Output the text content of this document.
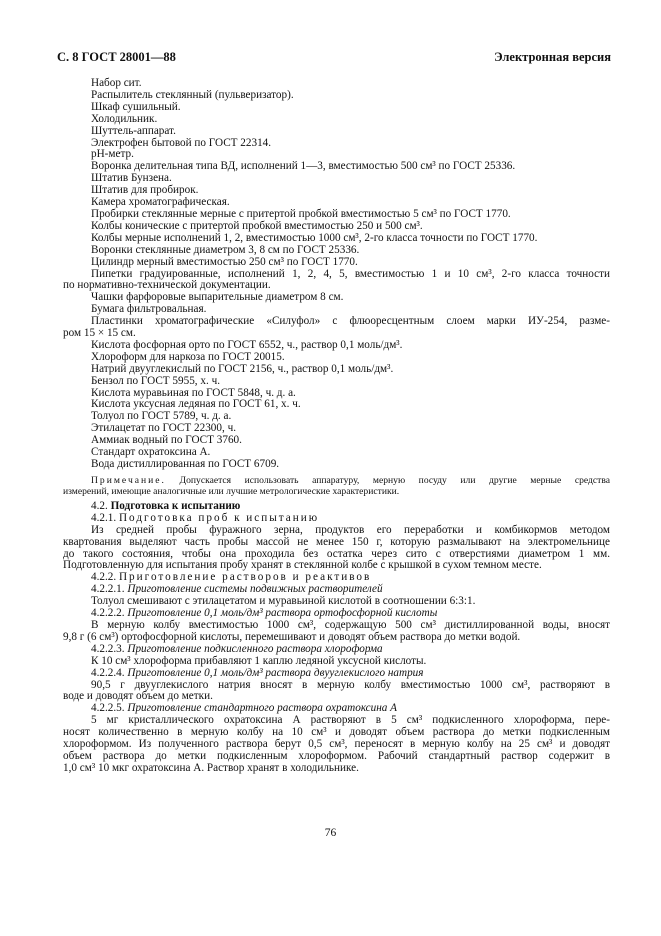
С. 8 ГОСТ 28001—88	Электронная версия

Набор сит.

Распылитель стеклянный (пульверизатор).

Шкаф сушильный.

Холодильник.

Шуттель-аппарат.

Электрофен бытовой по ГОСТ 22314.

pH-метр.

Воронка делительная типа ВД, исполнений 1—3, вместимостью 500 см³ по ГОСТ 25336.

Штатив Бунзена.

Штатив для пробирок.

Камера хроматографическая.

Пробирки стеклянные мерные с притертой пробкой вместимостью 5 см³ по ГОСТ 1770.

Колбы конические с притертой пробкой вместимостью 250 и 500 см³.

Колбы мерные исполнений 1, 2, вместимостью 1000 см³, 2-го класса точности по ГОСТ 1770.

Воронки стеклянные диаметром 3, 8 см по ГОСТ 25336.

Цилиндр мерный вместимостью 250 см³ по ГОСТ 1770.

Пипетки градуированные, исполнений 1, 2, 4, 5, вместимостью 1 и 10 см³, 2-го класса точности

по нормативно-технической документации.

Чашки фарфоровые выпарительные диаметром 8 см.

Бумага фильтровальная.

Пластинки хроматографические «Силуфол» с флюоресцентным слоем марки ИУ-254, разме-

ром 15 × 15 см.

Кислота фосфорная орто по ГОСТ 6552, ч., раствор 0,1 моль/дм³.

Хлороформ для наркоза по ГОСТ 20015.

Натрий двууглекислый по ГОСТ 2156, ч., раствор 0,1 моль/дм³.

Бензол по ГОСТ 5955, х. ч.

Кислота муравьиная по ГОСТ 5848, ч. д. а.

Кислота уксусная ледяная по ГОСТ 61, х. ч.

Толуол по ГОСТ 5789, ч. д. а.

Этилацетат по ГОСТ 22300, ч.

Аммиак водный по ГОСТ 3760.

Стандарт охратоксина А.

Вода дистиллированная по ГОСТ 6709.

Примечание. Допускается использовать аппаратуру, мерную посуду или другие мерные средства

измерений, имеющие аналогичные или лучшие метрологические характеристики.

4.2. Подготовка к испытанию

4.2.1. Подготовка проб к испытанию

Из средней пробы фуражного зерна, продуктов его переработки и комбикормов методом

квартования выделяют часть пробы массой не менее 150 г, которую размалывают на электромельнице

до такого состояния, чтобы она проходила без остатка через сито с отверстиями диаметром 1 мм.

Подготовленную для испытания пробу хранят в стеклянной колбе с крышкой в сухом темном месте.

4.2.2. Приготовление растворов и реактивов

4.2.2.1. Приготовление системы подвижных растворителей

Толуол смешивают с этилацетатом и муравьиной кислотой в соотношении 6:3:1.

4.2.2.2. Приготовление 0,1 моль/дм³ раствора ортофосфорной кислоты

В мерную колбу вместимостью 1000 см³, содержащую 500 см³ дистиллированной воды, вносят

9,8 г (6 см³) ортофосфорной кислоты, перемешивают и доводят объем раствора до метки водой.

4.2.2.3. Приготовление подкисленного раствора хлороформа

К 10 см³ хлороформа прибавляют 1 каплю ледяной уксусной кислоты.

4.2.2.4. Приготовление 0,1 моль/дм³ раствора двууглекислого натрия

90,5 г двууглекислого натрия вносят в мерную колбу вместимостью 1000 см³, растворяют в

воде и доводят объем до метки.

4.2.2.5. Приготовление стандартного раствора охратоксина А

5 мг кристаллического охратоксина А растворяют в 5 см³ подкисленного хлороформа, пере-

носят количественно в мерную колбу на 10 см³ и доводят объем раствора до метки подкисленным

хлороформом. Из полученного раствора берут 0,5 см³, переносят в мерную колбу на 25 см³ и доводят

объем раствора до метки подкисленным хлороформом. Рабочий стандартный раствор содержит в

1,0 см³ 10 мкг охратоксина А. Раствор хранят в холодильнике.

76
